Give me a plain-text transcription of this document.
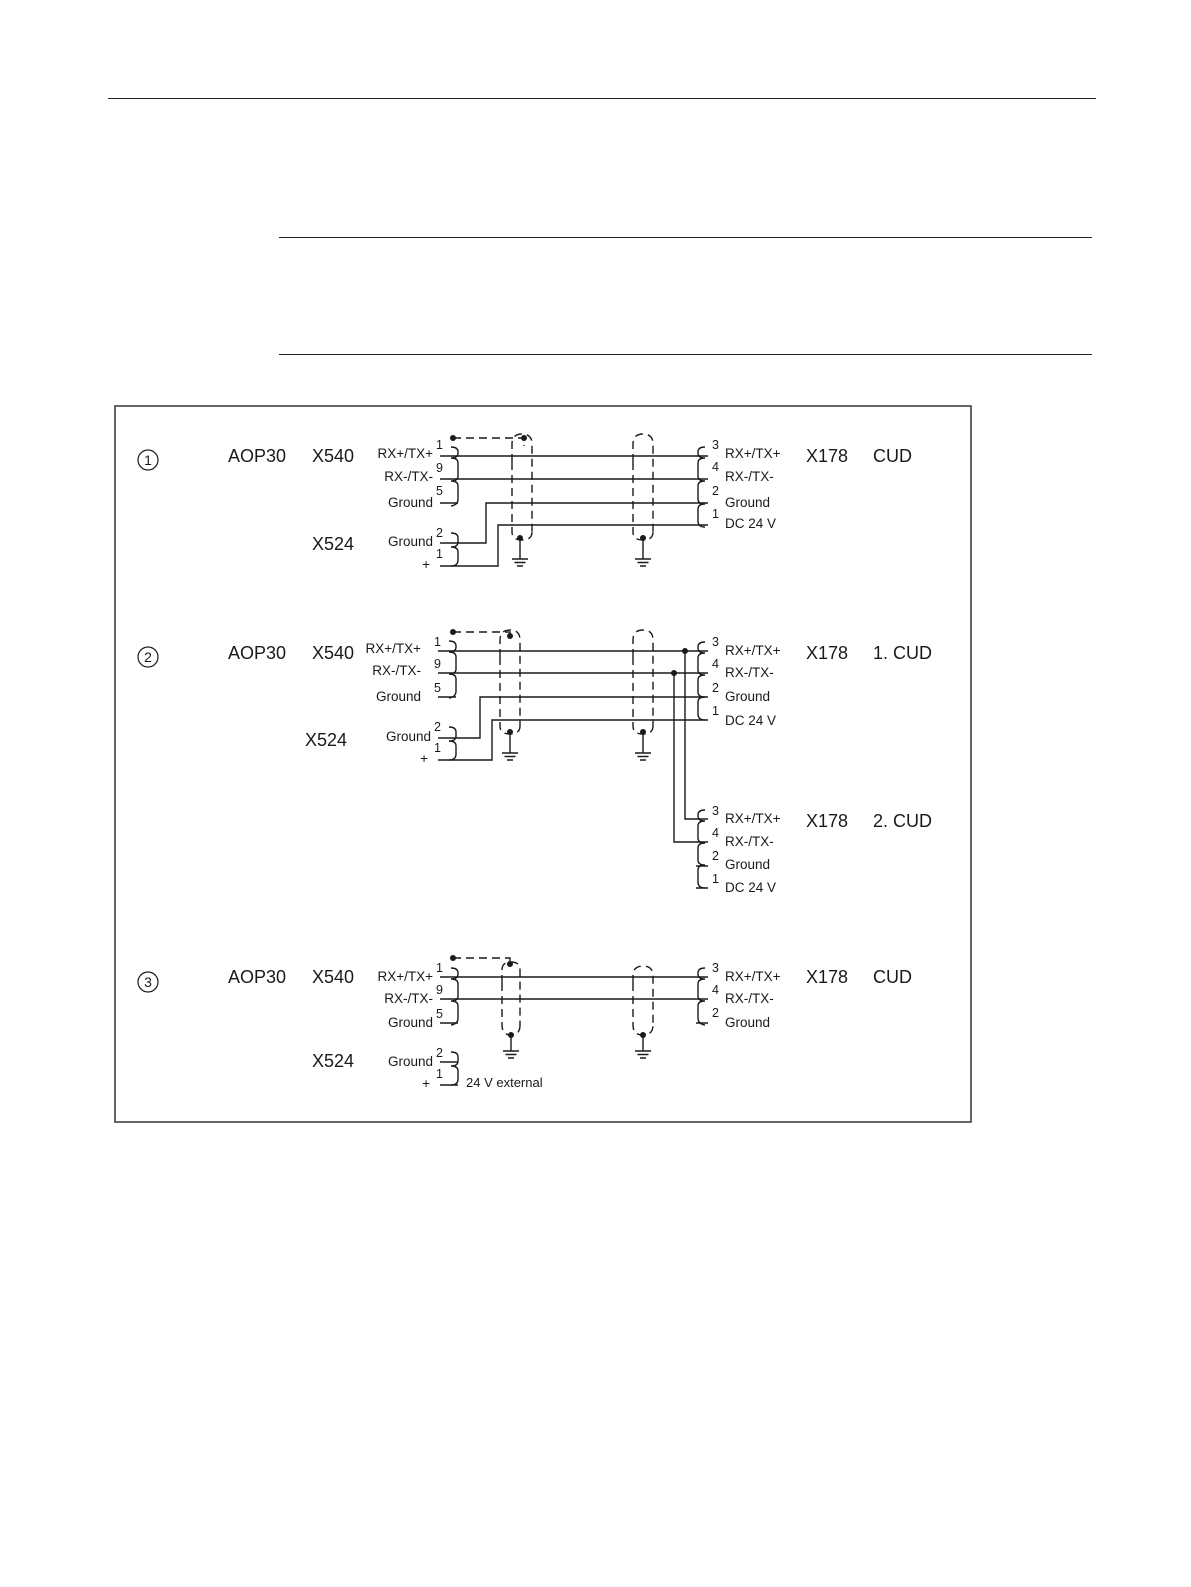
1	AOP30 X540
X524
X178 CUD
RX+/TX+
RX-/TX-
Ground
1
9
5
Ground
+
2
1
3
4
2
1
RX+/TX+
RX-/TX-
Ground
DC 24 V
2	AOP30 X540
X524
X178 1. CUD
RX+/TX+
RX-/TX-
Ground
1
9
5
Ground
+
2
1
3
4
2
1
RX+/TX+
RX-/TX-
Ground
DC 24 V
X178 2. CUD
3
4
2
1
RX+/TX+
RX-/TX-
Ground
DC 24 V
3	AOP30 X540
X524
X178 CUD
RX+/TX+
RX-/TX-
Ground
1
9
5
Ground
+
2
1
24 V external
3
4
2
RX+/TX+
RX-/TX-
Ground
